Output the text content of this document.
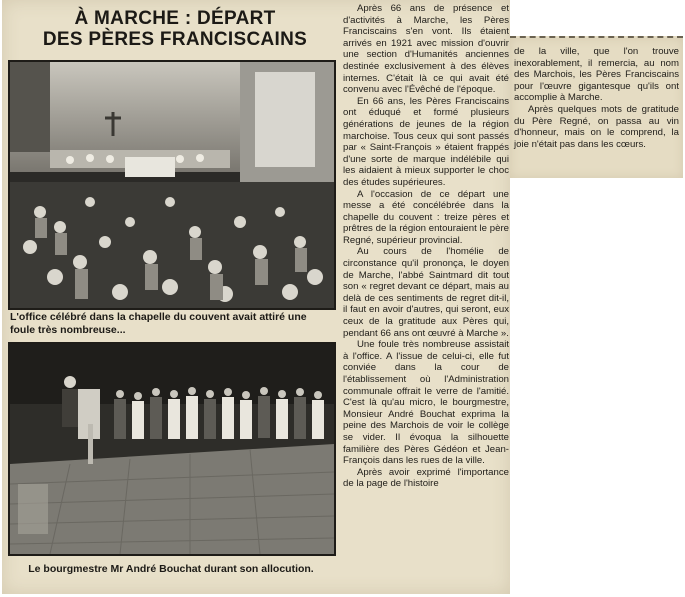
À MARCHE : DÉPART
DES PÈRES FRANCISCAINS
L'office célébré dans la chapelle du couvent avait attiré une foule très nombreuse...
Le bourgmestre Mr André Bouchat durant son allocution.

Après 66 ans de présence et d'activités à Marche, les Pères Franciscains s'en vont. Ils étaient arrivés en 1921 avec mission d'ouvrir une section d'Humanités anciennes destinée exclusivement à des élèves internes. C'était là ce qui avait été convenu avec l'Évêché de l'époque.

En 66 ans, les Pères Franciscains ont éduqué et formé plusieurs générations de jeunes de la région marchoise. Tous ceux qui sont passés par « Saint-François » étaient frappés d'une sorte de marque indélébile qui les aidaient à mieux supporter le choc des études supérieures.

A l'occasion de ce départ une messe a été concélébrée dans la chapelle du couvent : treize pères et prêtres de la région entouraient le père Regné, supérieur provincial.

Au cours de l'homélie de circonstance qu'il prononça, le doyen de Marche, l'abbé Saintmard dit tout son « regret devant ce départ, mais au delà de ces sentiments de regret dit-il, il faut en avoir d'autres, qui seront, eux ceux de la gratitude aux Pères qui, pendant 66 ans ont œuvré à Marche ».

Une foule très nombreuse assistait à l'office. A l'issue de celui-ci, elle fut conviée dans la cour de l'établissement où l'Administration communale offrait le verre de l'amitié. C'est là qu'au micro, le bourgmestre, Monsieur André Bouchat exprima la peine des Marchois de voir le collège se vider. Il évoqua la silhouette familière des Pères Gédéon et Jean-François dans les rues de la ville.

Après avoir exprimé l'importance de la page de l'histoire

de la ville, que l'on trouve inexorablement, il remercia, au nom des Marchois, les Pères Franciscains pour l'œuvre gigantesque qu'ils ont accomplie à Marche.

Après quelques mots de gratitude du Père Regné, on passa au vin d'honneur, mais on le comprend, la joie n'était pas dans les cœurs.
